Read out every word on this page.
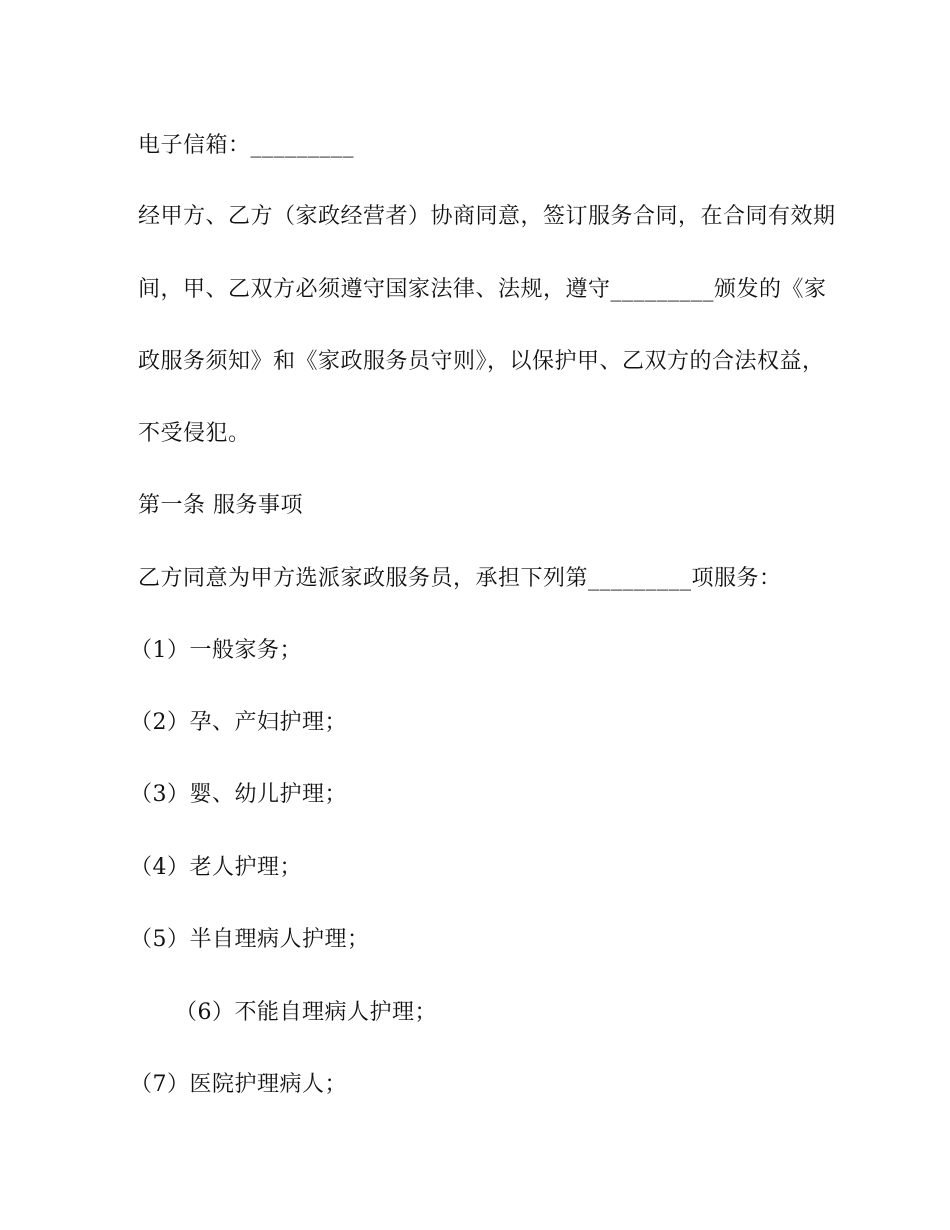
电子信箱：_________
经甲方、乙方（家政经营者）协商同意，签订服务合同，在合同有效期
间，甲、乙双方必须遵守国家法律、法规，遵守_________颁发的《家
政服务须知》和《家政服务员守则》，以保护甲、乙双方的合法权益，
不受侵犯。
第一条 服务事项
乙方同意为甲方选派家政服务员，承担下列第_________项服务：
（1）一般家务；
（2）孕、产妇护理；
（3）婴、幼儿护理；
（4）老人护理；
（5）半自理病人护理；
（6）不能自理病人护理；
（7）医院护理病人；
